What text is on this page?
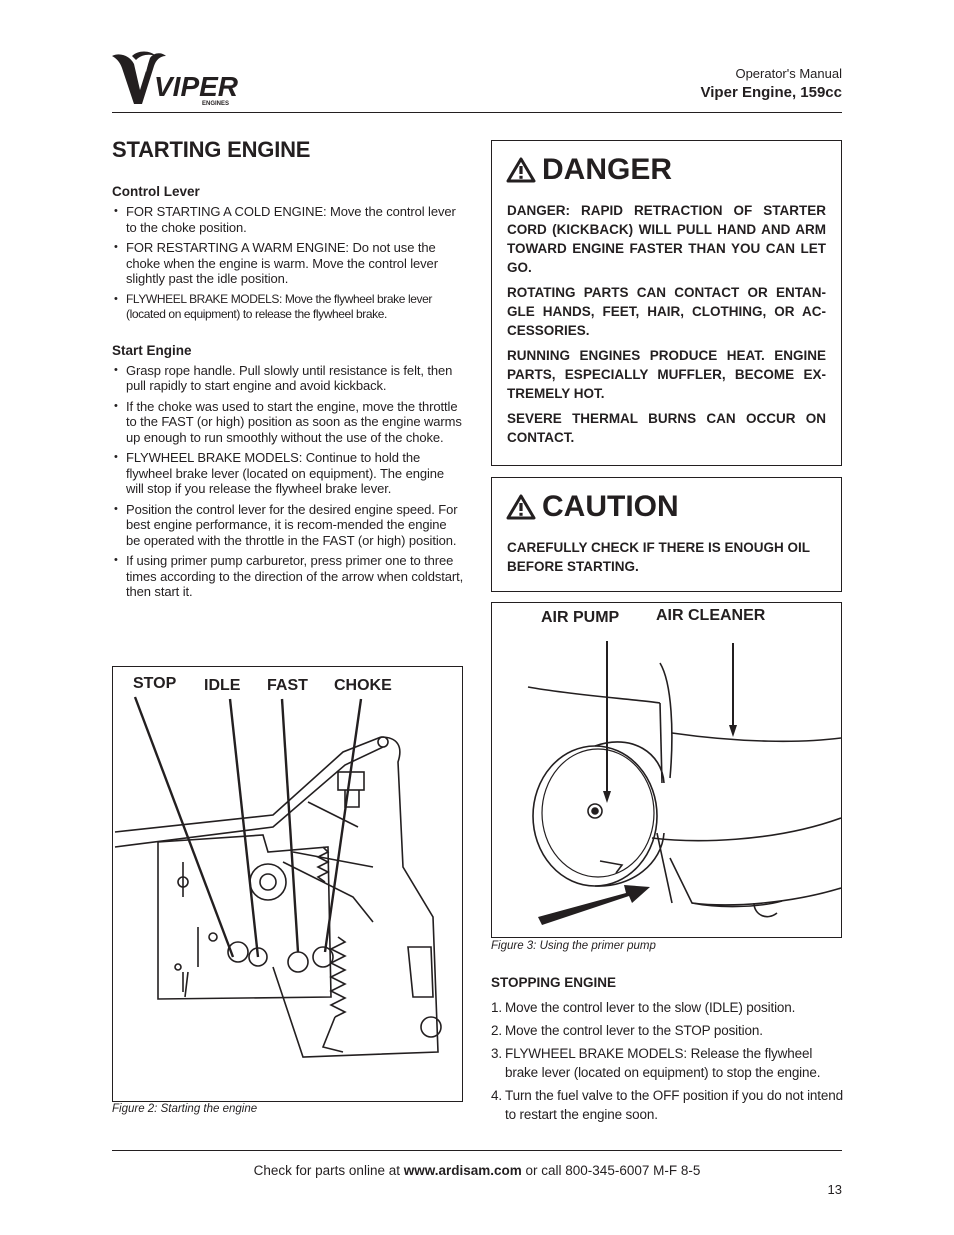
VIPER
ENGINES
Operator's Manual
Viper Engine, 159cc
STARTING ENGINE
Control Lever
• FOR STARTING A COLD ENGINE: Move the control lever to the choke position.
• FOR RESTARTING A WARM ENGINE: Do not use the choke when the engine is warm. Move the control lever slightly past the idle position.
• FLYWHEEL BRAKE MODELS: Move the flywheel brake lever (located on equipment) to release the flywheel brake.
Start Engine
• Grasp rope handle. Pull slowly until resistance is felt, then pull rapidly to start engine and avoid kickback.
• If the choke was used to start the engine, move the throttle to the FAST (or high) position as soon as the engine warms up enough to run smoothly without the use of the choke.
• FLYWHEEL BRAKE MODELS: Continue to hold the flywheel brake lever (located on equipment). The engine will stop if you release the flywheel brake lever.
• Position the control lever for the desired engine speed. For best engine performance, it is recom-mended the engine be operated with the throttle in the FAST (or high) position.
• If using primer pump carburetor, press primer one to three times according to the direction of the arrow when coldstart, then start it.
STOP IDLE FAST CHOKE
Figure 2: Starting the engine
DANGER

DANGER: RAPID RETRACTION OF STARTER CORD (KICKBACK) WILL PULL HAND AND ARM TOWARD ENGINE FASTER THAN YOU CAN LET GO.

ROTATING PARTS CAN CONTACT OR ENTAN-GLE HANDS, FEET, HAIR, CLOTHING, OR AC-CESSORIES.

RUNNING ENGINES PRODUCE HEAT. ENGINE PARTS, ESPECIALLY MUFFLER, BECOME EX-TREMELY HOT.

SEVERE THERMAL BURNS CAN OCCUR ON CONTACT.

CAUTION

CAREFULLY CHECK IF THERE IS ENOUGH OIL BEFORE STARTING.

AIR PUMP AIR CLEANER
Figure 3: Using the primer pump
STOPPING ENGINE
1. Move the control lever to the slow (IDLE) position.
2. Move the control lever to the STOP position.
3. FLYWHEEL BRAKE MODELS: Release the flywheel brake lever (located on equipment) to stop the engine.
4. Turn the fuel valve to the OFF position if you do not intend to restart the engine soon.
Check for parts online at www.ardisam.com or call 800-345-6007 M-F 8-5
13
